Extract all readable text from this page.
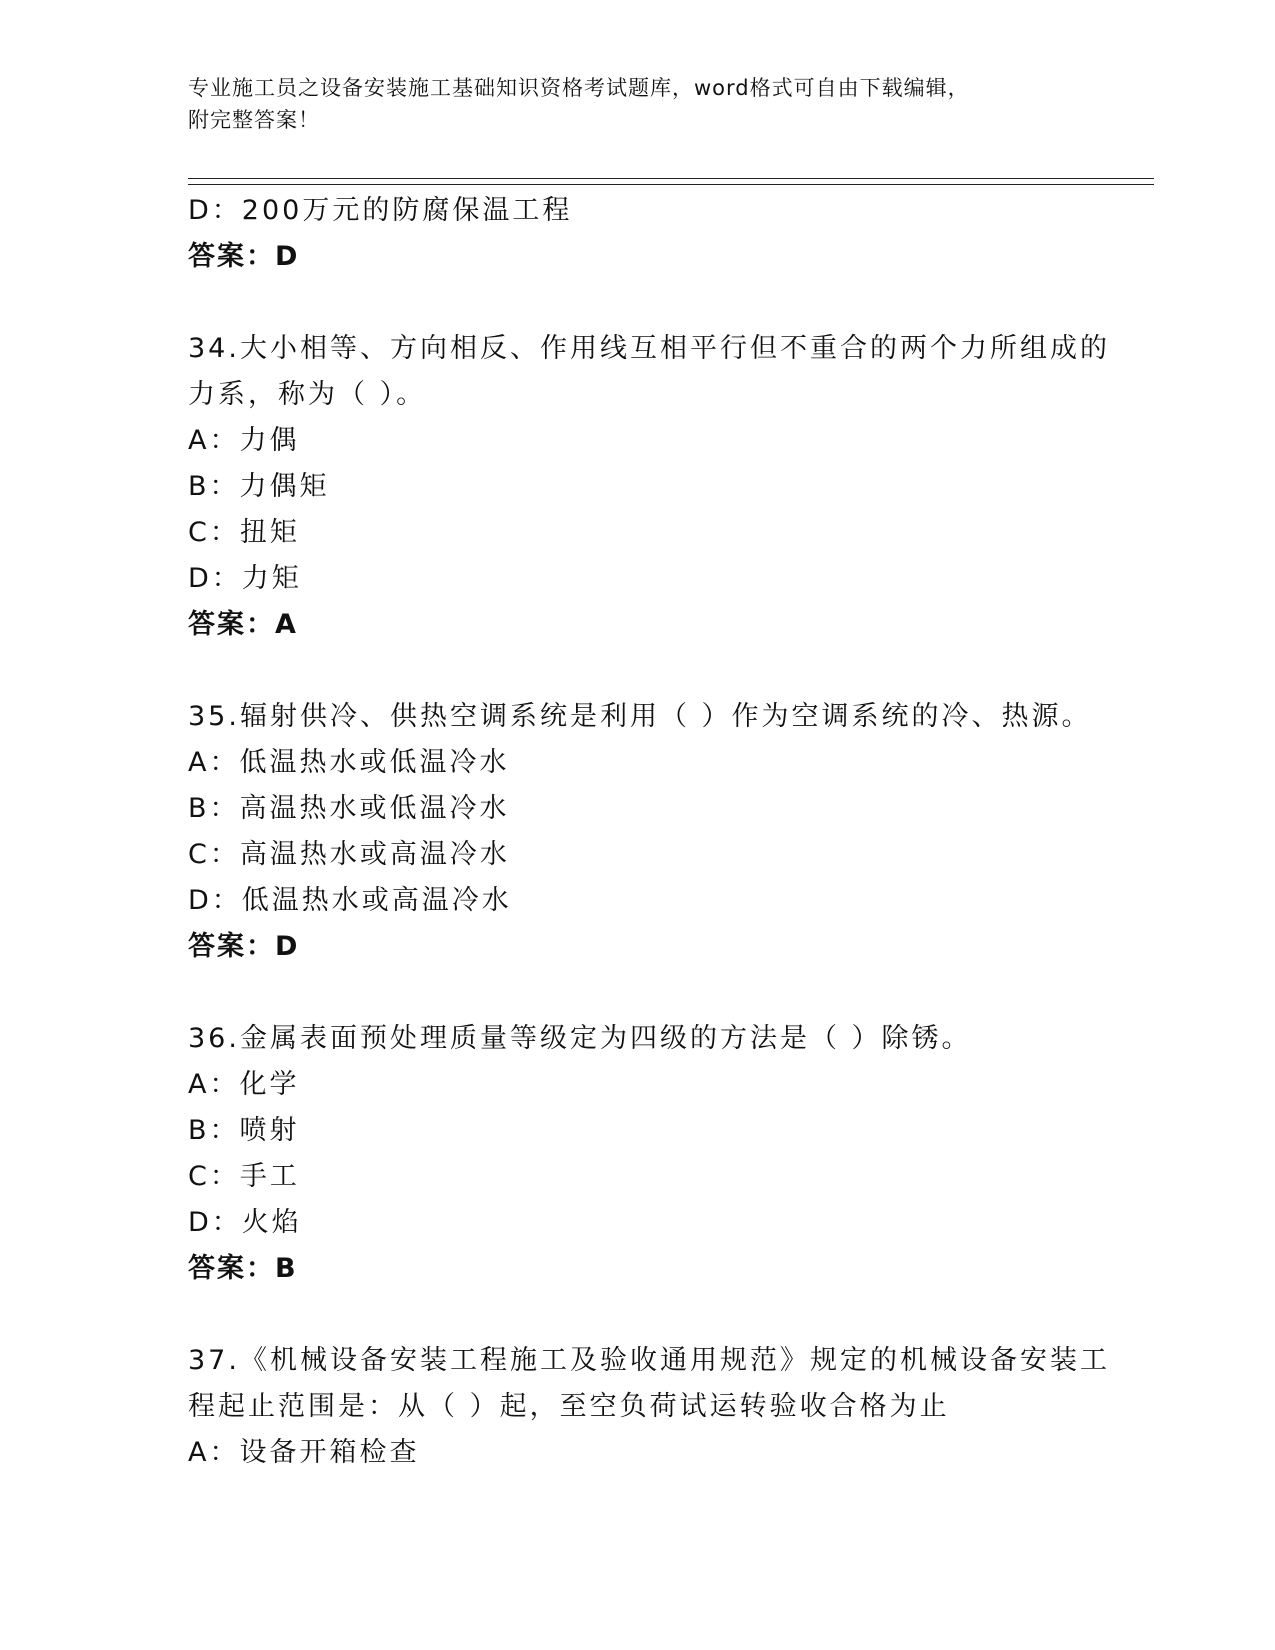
专业施工员之设备安装施工基础知识资格考试题库，word格式可自由下载编辑，
附完整答案！
D：200万元的防腐保温工程
答案：D
34.大小相等、方向相反、作用线互相平行但不重合的两个力所组成的
力系，称为（ ）。
A：力偶
B：力偶矩
C：扭矩
D：力矩
答案：A
35.辐射供冷、供热空调系统是利用（ ）作为空调系统的冷、热源。
A：低温热水或低温冷水
B：高温热水或低温冷水
C：高温热水或高温冷水
D：低温热水或高温冷水
答案：D
36.金属表面预处理质量等级定为四级的方法是（ ）除锈。
A：化学
B：喷射
C：手工
D：火焰
答案：B
37.《机械设备安装工程施工及验收通用规范》规定的机械设备安装工
程起止范围是：从（ ）起，至空负荷试运转验收合格为止
A：设备开箱检查
